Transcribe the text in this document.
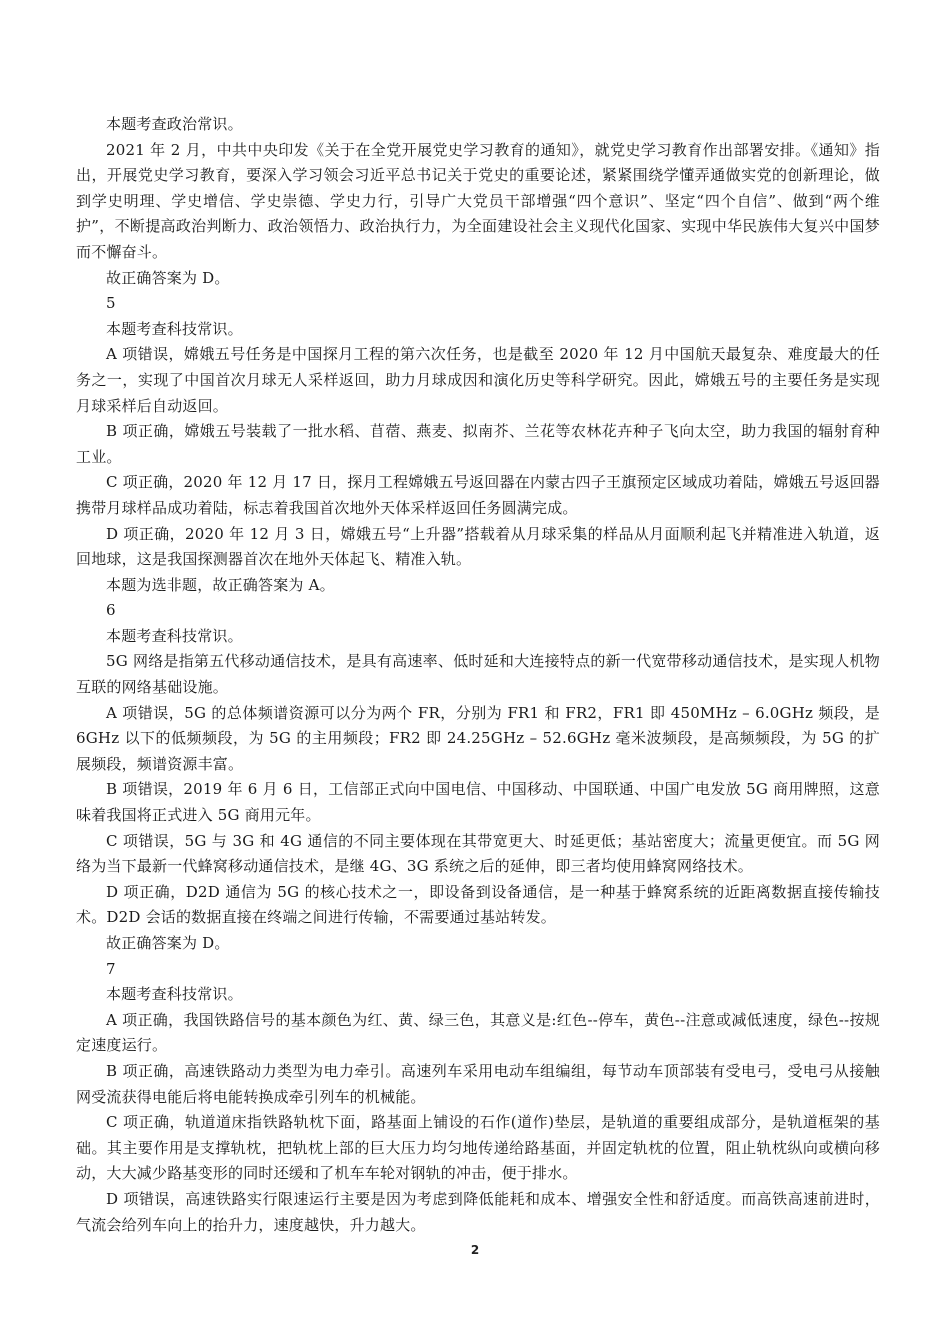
本题考查政治常识。

2021 年 2 月，中共中央印发《关于在全党开展党史学习教育的通知》，就党史学习教育作出部署安排。《通知》指出，开展党史学习教育，要深入学习领会习近平总书记关于党史的重要论述，紧紧围绕学懂弄通做实党的创新理论，做到学史明理、学史增信、学史崇德、学史力行，引导广大党员干部增强“四个意识”、坚定“四个自信”、做到“两个维护”，不断提高政治判断力、政治领悟力、政治执行力，为全面建设社会主义现代化国家、实现中华民族伟大复兴中国梦而不懈奋斗。

故正确答案为 D。

5

本题考查科技常识。

A 项错误，嫦娥五号任务是中国探月工程的第六次任务，也是截至 2020 年 12 月中国航天最复杂、难度最大的任务之一，实现了中国首次月球无人采样返回，助力月球成因和演化历史等科学研究。因此，嫦娥五号的主要任务是实现月球采样后自动返回。

B 项正确，嫦娥五号装载了一批水稻、苜蓿、燕麦、拟南芥、兰花等农林花卉种子飞向太空，助力我国的辐射育种工业。

C 项正确，2020 年 12 月 17 日，探月工程嫦娥五号返回器在内蒙古四子王旗预定区域成功着陆，嫦娥五号返回器携带月球样品成功着陆，标志着我国首次地外天体采样返回任务圆满完成。

D 项正确，2020 年 12 月 3 日，嫦娥五号“上升器”搭载着从月球采集的样品从月面顺利起飞并精准进入轨道，返回地球，这是我国探测器首次在地外天体起飞、精准入轨。

本题为选非题，故正确答案为 A。

6

本题考查科技常识。

5G 网络是指第五代移动通信技术，是具有高速率、低时延和大连接特点的新一代宽带移动通信技术，是实现人机物互联的网络基础设施。

A 项错误，5G 的总体频谱资源可以分为两个 FR，分别为 FR1 和 FR2，FR1 即 450MHz – 6.0GHz 频段，是 6GHz 以下的低频频段，为 5G 的主用频段；FR2 即 24.25GHz – 52.6GHz 毫米波频段，是高频频段，为 5G 的扩展频段，频谱资源丰富。

B 项错误，2019 年 6 月 6 日，工信部正式向中国电信、中国移动、中国联通、中国广电发放 5G 商用牌照，这意味着我国将正式进入 5G 商用元年。

C 项错误，5G 与 3G 和 4G 通信的不同主要体现在其带宽更大、时延更低；基站密度大；流量更便宜。而 5G 网络为当下最新一代蜂窝移动通信技术，是继 4G、3G 系统之后的延伸，即三者均使用蜂窝网络技术。

D 项正确，D2D 通信为 5G 的核心技术之一，即设备到设备通信，是一种基于蜂窝系统的近距离数据直接传输技术。D2D 会话的数据直接在终端之间进行传输，不需要通过基站转发。

故正确答案为 D。

7

本题考查科技常识。

A 项正确，我国铁路信号的基本颜色为红、黄、绿三色，其意义是:红色--停车，黄色--注意或减低速度，绿色--按规定速度运行。

B 项正确，高速铁路动力类型为电力牵引。高速列车采用电动车组编组，每节动车顶部装有受电弓，受电弓从接触网受流获得电能后将电能转换成牵引列车的机械能。

C 项正确，轨道道床指铁路轨枕下面，路基面上铺设的石作(道作)垫层，是轨道的重要组成部分，是轨道框架的基础。其主要作用是支撑轨枕，把轨枕上部的巨大压力均匀地传递给路基面，并固定轨枕的位置，阻止轨枕纵向或横向移动，大大减少路基变形的同时还缓和了机车车轮对钢轨的冲击，便于排水。

D 项错误，高速铁路实行限速运行主要是因为考虑到降低能耗和成本、增强安全性和舒适度。而高铁高速前进时，气流会给列车向上的抬升力，速度越快，升力越大。

2
